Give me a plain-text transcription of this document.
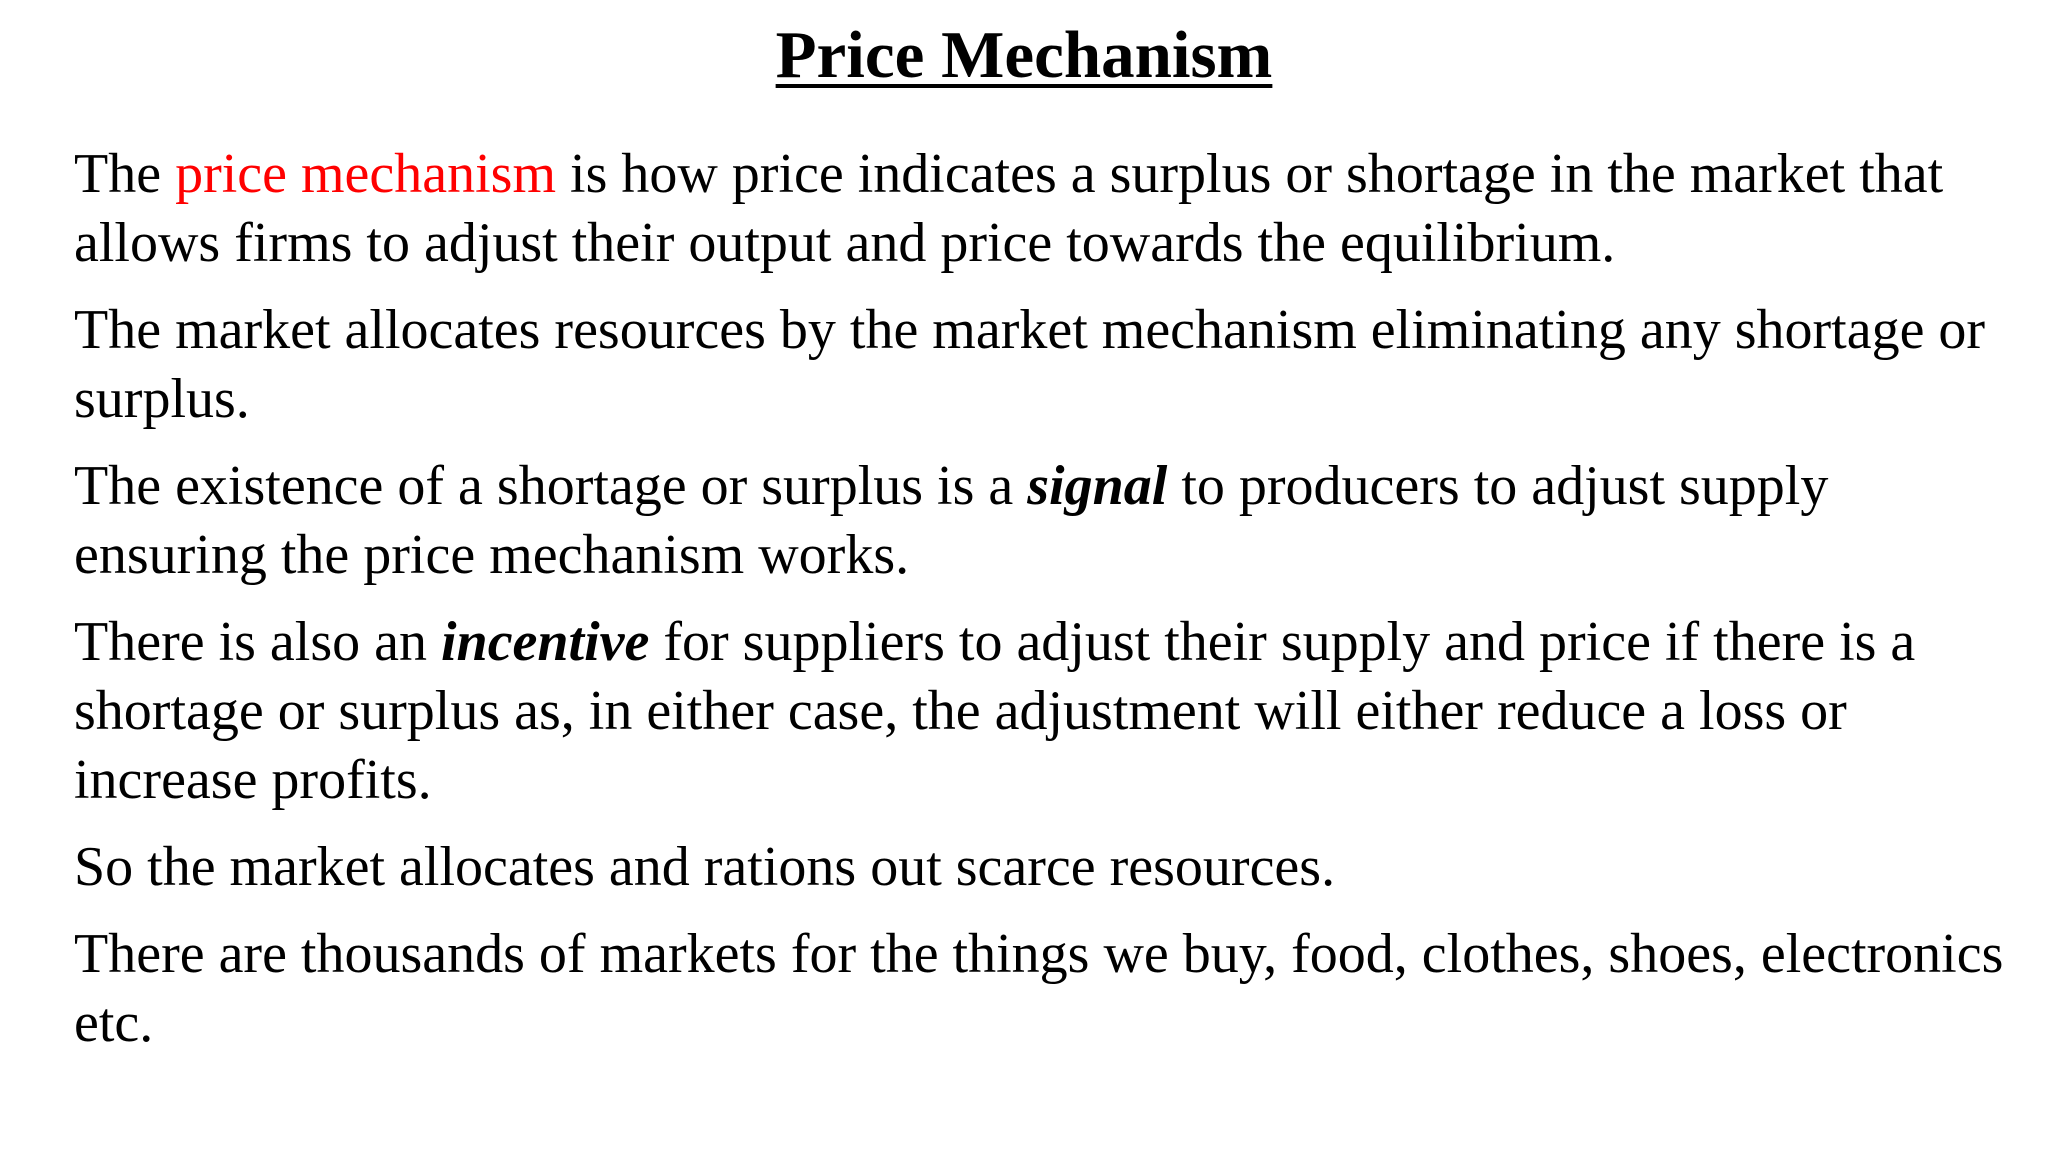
Price Mechanism

The price mechanism is how price indicates a surplus or shortage in the market that allows firms to adjust their output and price towards the equilibrium.

The market allocates resources by the market mechanism eliminating any shortage or surplus.

The existence of a shortage or surplus is a signal to producers to adjust supply ensuring the price mechanism works.

There is also an incentive for suppliers to adjust their supply and price if there is a shortage or surplus as, in either case, the adjustment will either reduce a loss or increase profits.

So the market allocates and rations out scarce resources.

There are thousands of markets for the things we buy, food, clothes, shoes, electronics etc.
